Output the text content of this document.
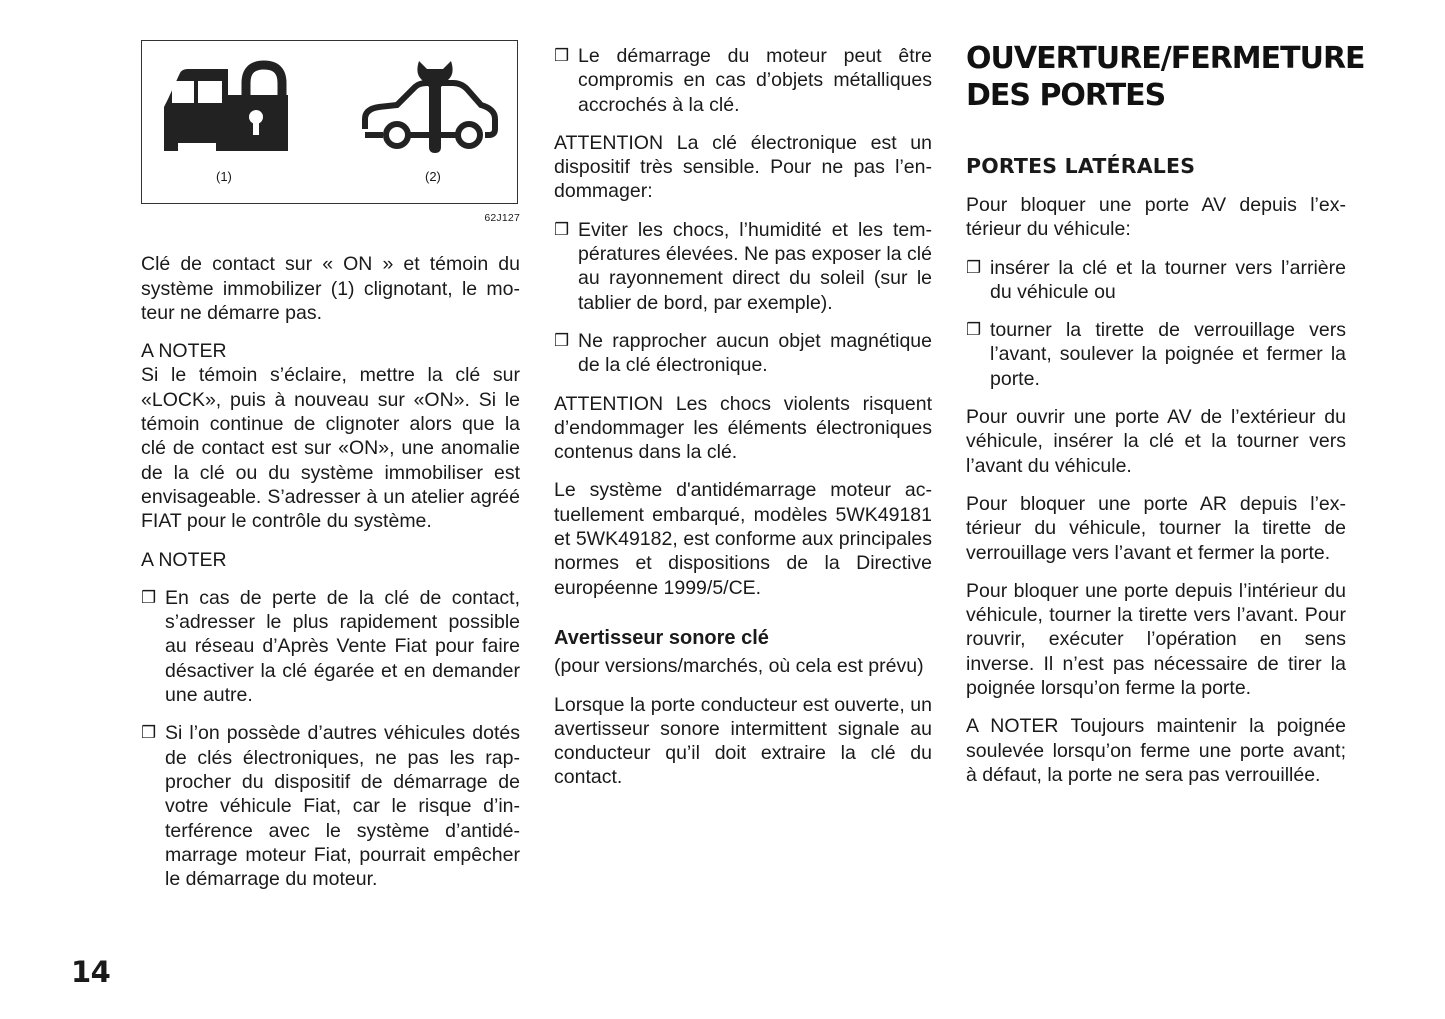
(1)	(2)
62J127

Clé de contact sur « ON » et témoin du système immobilizer (1) clignotant, le moteur ne démarre pas.

A NOTER

Si le témoin s’éclaire, mettre la clé sur «LOCK», puis à nouveau sur «ON». Si le témoin continue de clignoter alors que la clé de contact est sur «ON», une anomalie de la clé ou du système immobiliser est envisageable. S’adresser à un atelier agréé FIAT pour le contrôle du système.

A NOTER

❒ En cas de perte de la clé de contact, s’adresser le plus rapidement possible au réseau d’Après Vente Fiat pour faire désactiver la clé égarée et en demander une autre.
❒ Si l’on possède d’autres véhicules dotés de clés électroniques, ne pas les rapprocher du dispositif de démarrage de votre véhicule Fiat, car le risque d’interférence avec le système d’antidémarrage moteur Fiat, pourrait empêcher le démarrage du moteur.
❒ Le démarrage du moteur peut être compromis en cas d’objets métalliques accrochés à la clé.

ATTENTION La clé électronique est un dispositif très sensible. Pour ne pas l’endommager:

❒ Eviter les chocs, l’humidité et les températures élevées. Ne pas exposer la clé au rayonnement direct du soleil (sur le tablier de bord, par exemple).
❒ Ne rapprocher aucun objet magnétique de la clé électronique.

ATTENTION Les chocs violents risquent d’endommager les éléments électroniques contenus dans la clé.

Le système d'antidémarrage moteur actuellement embarqué, modèles 5WK49181 et 5WK49182, est conforme aux principales normes et dispositions de la Directive européenne 1999/5/CE.

Avertisseur sonore clé

(pour versions/marchés, où cela est prévu)

Lorsque la porte conducteur est ouverte, un avertisseur sonore intermittent signale au conducteur qu’il doit extraire la clé du contact.

OUVERTURE/FERMETURE
DES PORTES
PORTES LATÉRALES

Pour bloquer une porte AV depuis l’extérieur du véhicule:

❒ insérer la clé et la tourner vers l’arrière du véhicule ou
❒ tourner la tirette de verrouillage vers l’avant, soulever la poignée et fermer la porte.

Pour ouvrir une porte AV de l’extérieur du véhicule, insérer la clé et la tourner vers l’avant du véhicule.

Pour bloquer une porte AR depuis l’extérieur du véhicule, tourner la tirette de verrouillage vers l’avant et fermer la porte.

Pour bloquer une porte depuis l’intérieur du véhicule, tourner la tirette vers l’avant. Pour rouvrir, exécuter l’opération en sens inverse. Il n’est pas nécessaire de tirer la poignée lorsqu’on ferme la porte.

A NOTER Toujours maintenir la poignée soulevée lorsqu’on ferme une porte avant; à défaut, la porte ne sera pas verrouillée.

14
